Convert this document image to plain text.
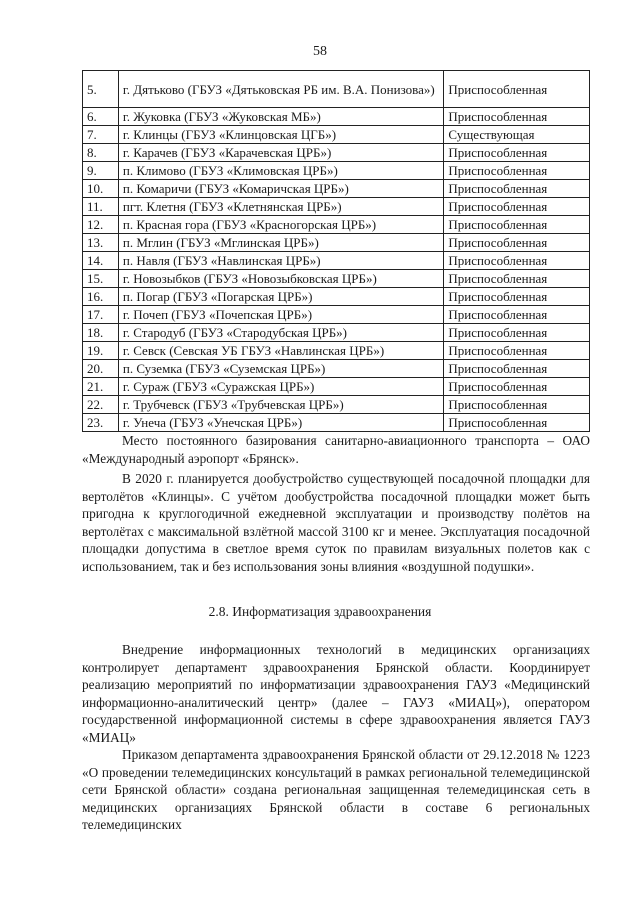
58
5.	г. Дятьково (ГБУЗ «Дятьковская РБ им. В.А. Понизова»)	Приспособленная
6.	г. Жуковка (ГБУЗ «Жуковская МБ»)	Приспособленная
7.	г. Клинцы (ГБУЗ «Клинцовская ЦГБ»)	Существующая
8.	г. Карачев (ГБУЗ «Карачевская ЦРБ»)	Приспособленная
9.	п. Климово (ГБУЗ «Климовская ЦРБ»)	Приспособленная
10.	п. Комаричи (ГБУЗ «Комаричская ЦРБ»)	Приспособленная
11.	пгт. Клетня (ГБУЗ «Клетнянская ЦРБ»)	Приспособленная
12.	п. Красная гора (ГБУЗ «Красногорская ЦРБ»)	Приспособленная
13.	п. Мглин (ГБУЗ «Мглинская ЦРБ»)	Приспособленная
14.	п. Навля (ГБУЗ «Навлинская ЦРБ»)	Приспособленная
15.	г. Новозыбков (ГБУЗ «Новозыбковская ЦРБ»)	Приспособленная
16.	п. Погар (ГБУЗ «Погарская ЦРБ»)	Приспособленная
17.	г. Почеп (ГБУЗ «Почепская ЦРБ»)	Приспособленная
18.	г. Стародуб (ГБУЗ «Стародубская ЦРБ»)	Приспособленная
19.	г. Севск (Севская УБ ГБУЗ «Навлинская ЦРБ»)	Приспособленная
20.	п. Суземка (ГБУЗ «Суземская ЦРБ»)	Приспособленная
21.	г. Сураж (ГБУЗ «Суражская ЦРБ»)	Приспособленная
22.	г. Трубчевск (ГБУЗ «Трубчевская ЦРБ»)	Приспособленная
23.	г. Унеча (ГБУЗ «Унечская ЦРБ»)	Приспособленная
Место постоянного базирования санитарно-авиационного транспорта – ОАО «Международный аэропорт «Брянск».
В 2020 г. планируется дообустройство существующей посадочной площадки для вертолётов «Клинцы». С учётом дообустройства посадочной площадки может быть пригодна к круглогодичной ежедневной эксплуатации и производству полётов на вертолётах с максимальной взлётной массой 3100 кг и менее. Эксплуатация посадочной площадки допустима в светлое время суток по правилам визуальных полетов как с использованием, так и без использования зоны влияния «воздушной подушки».
2.8. Информатизация здравоохранения
Внедрение информационных технологий в медицинских организациях контролирует департамент здравоохранения Брянской области. Координирует реализацию мероприятий по информатизации здравоохранения ГАУЗ «Медицинский информационно-аналитический центр» (далее – ГАУЗ «МИАЦ»), оператором государственной информационной системы в сфере здравоохранения является ГАУЗ «МИАЦ»
Приказом департамента здравоохранения Брянской области от 29.12.2018 № 1223 «О проведении телемедицинских консультаций в рамках региональной телемедицинской сети Брянской области» создана региональная защищенная телемедицинская сеть в медицинских организациях Брянской области в составе 6 региональных телемедицинских
